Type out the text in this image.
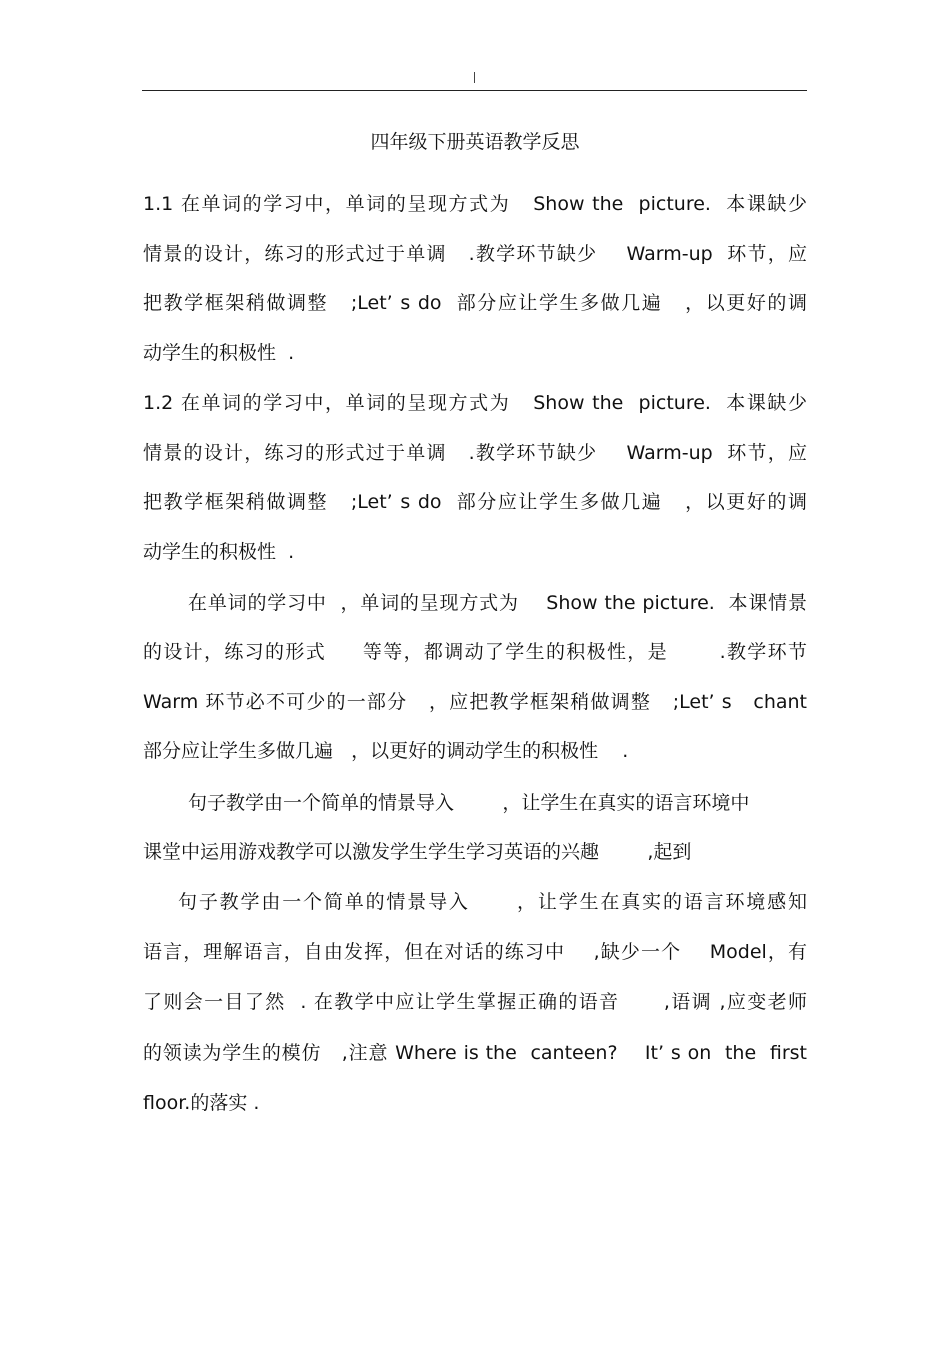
四年级下册英语教学反思
1.1 在单词的学习中，单词的呈现方式为   Show the  picture.  本课缺少
情景的设计，练习的形式过于单调   .教学环节缺少    Warm-up  环节，应
把教学框架稍做调整   ;Let’ s do  部分应让学生多做几遍   ，以更好的调
动学生的积极性  .
1.2 在单词的学习中，单词的呈现方式为   Show the  picture.  本课缺少
情景的设计，练习的形式过于单调   .教学环节缺少    Warm-up  环节，应
把教学框架稍做调整   ;Let’ s do  部分应让学生多做几遍   ，以更好的调
动学生的积极性  .
在单词的学习中  ，单词的呈现方式为    Show the picture.  本课情景
的设计，练习的形式     等等，都调动了学生的积极性，是       .教学环节
Warm 环节必不可少的一部分   ，应把教学框架稍做调整   ;Let’ s   chant
部分应让学生多做几遍   ，以更好的调动学生的积极性    .
句子教学由一个简单的情景导入        ，让学生在真实的语言环境中
课堂中运用游戏教学可以激发学生学生学习英语的兴趣        ,起到
句子教学由一个简单的情景导入      ，让学生在真实的语言环境感知
语言，理解语言，自由发挥，但在对话的练习中    ,缺少一个    Model，有
了则会一目了然  . 在教学中应让学生掌握正确的语音      ,语调 ,应变老师
的领读为学生的模仿   ,注意 Where is the  canteen?    It’ s on  the  first
floor.的落实 .
